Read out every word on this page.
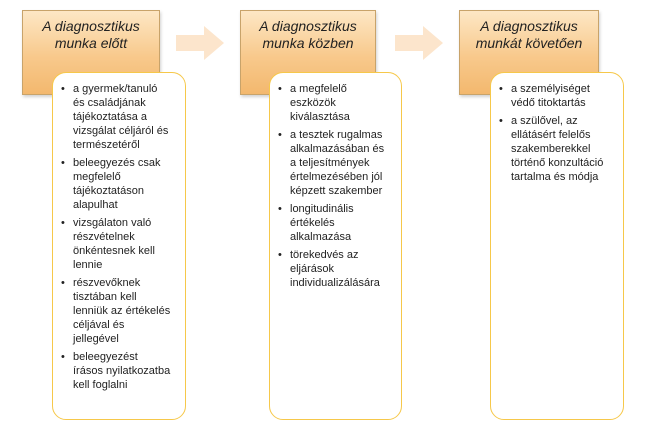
A diagnosztikus
munka előtt
• a gyermek/tanuló
és családjának
tájékoztatása a
vizsgálat céljáról és
természetéről
• beleegyezés csak
megfelelő
tájékoztatáson
alapulhat
• vizsgálaton való
részvételnek
önkéntesnek kell
lennie
• részvevőknek
tisztában kell
lenniük az értékelés
céljával és
jellegével
• beleegyezést
írásos nyilatkozatba
kell foglalni
A diagnosztikus
munka közben
• a megfelelő
eszközök
kiválasztása
• a tesztek rugalmas
alkalmazásában és
a teljesítmények
értelmezésében jól
képzett szakember
• longitudinális
értékelés
alkalmazása
• törekedvés az
eljárások
individualizálására
A diagnosztikus
munkát követően
• a személyiséget
védő titoktartás
• a szülővel, az
ellátásért felelős
szakemberekkel
történő konzultáció
tartalma és módja
